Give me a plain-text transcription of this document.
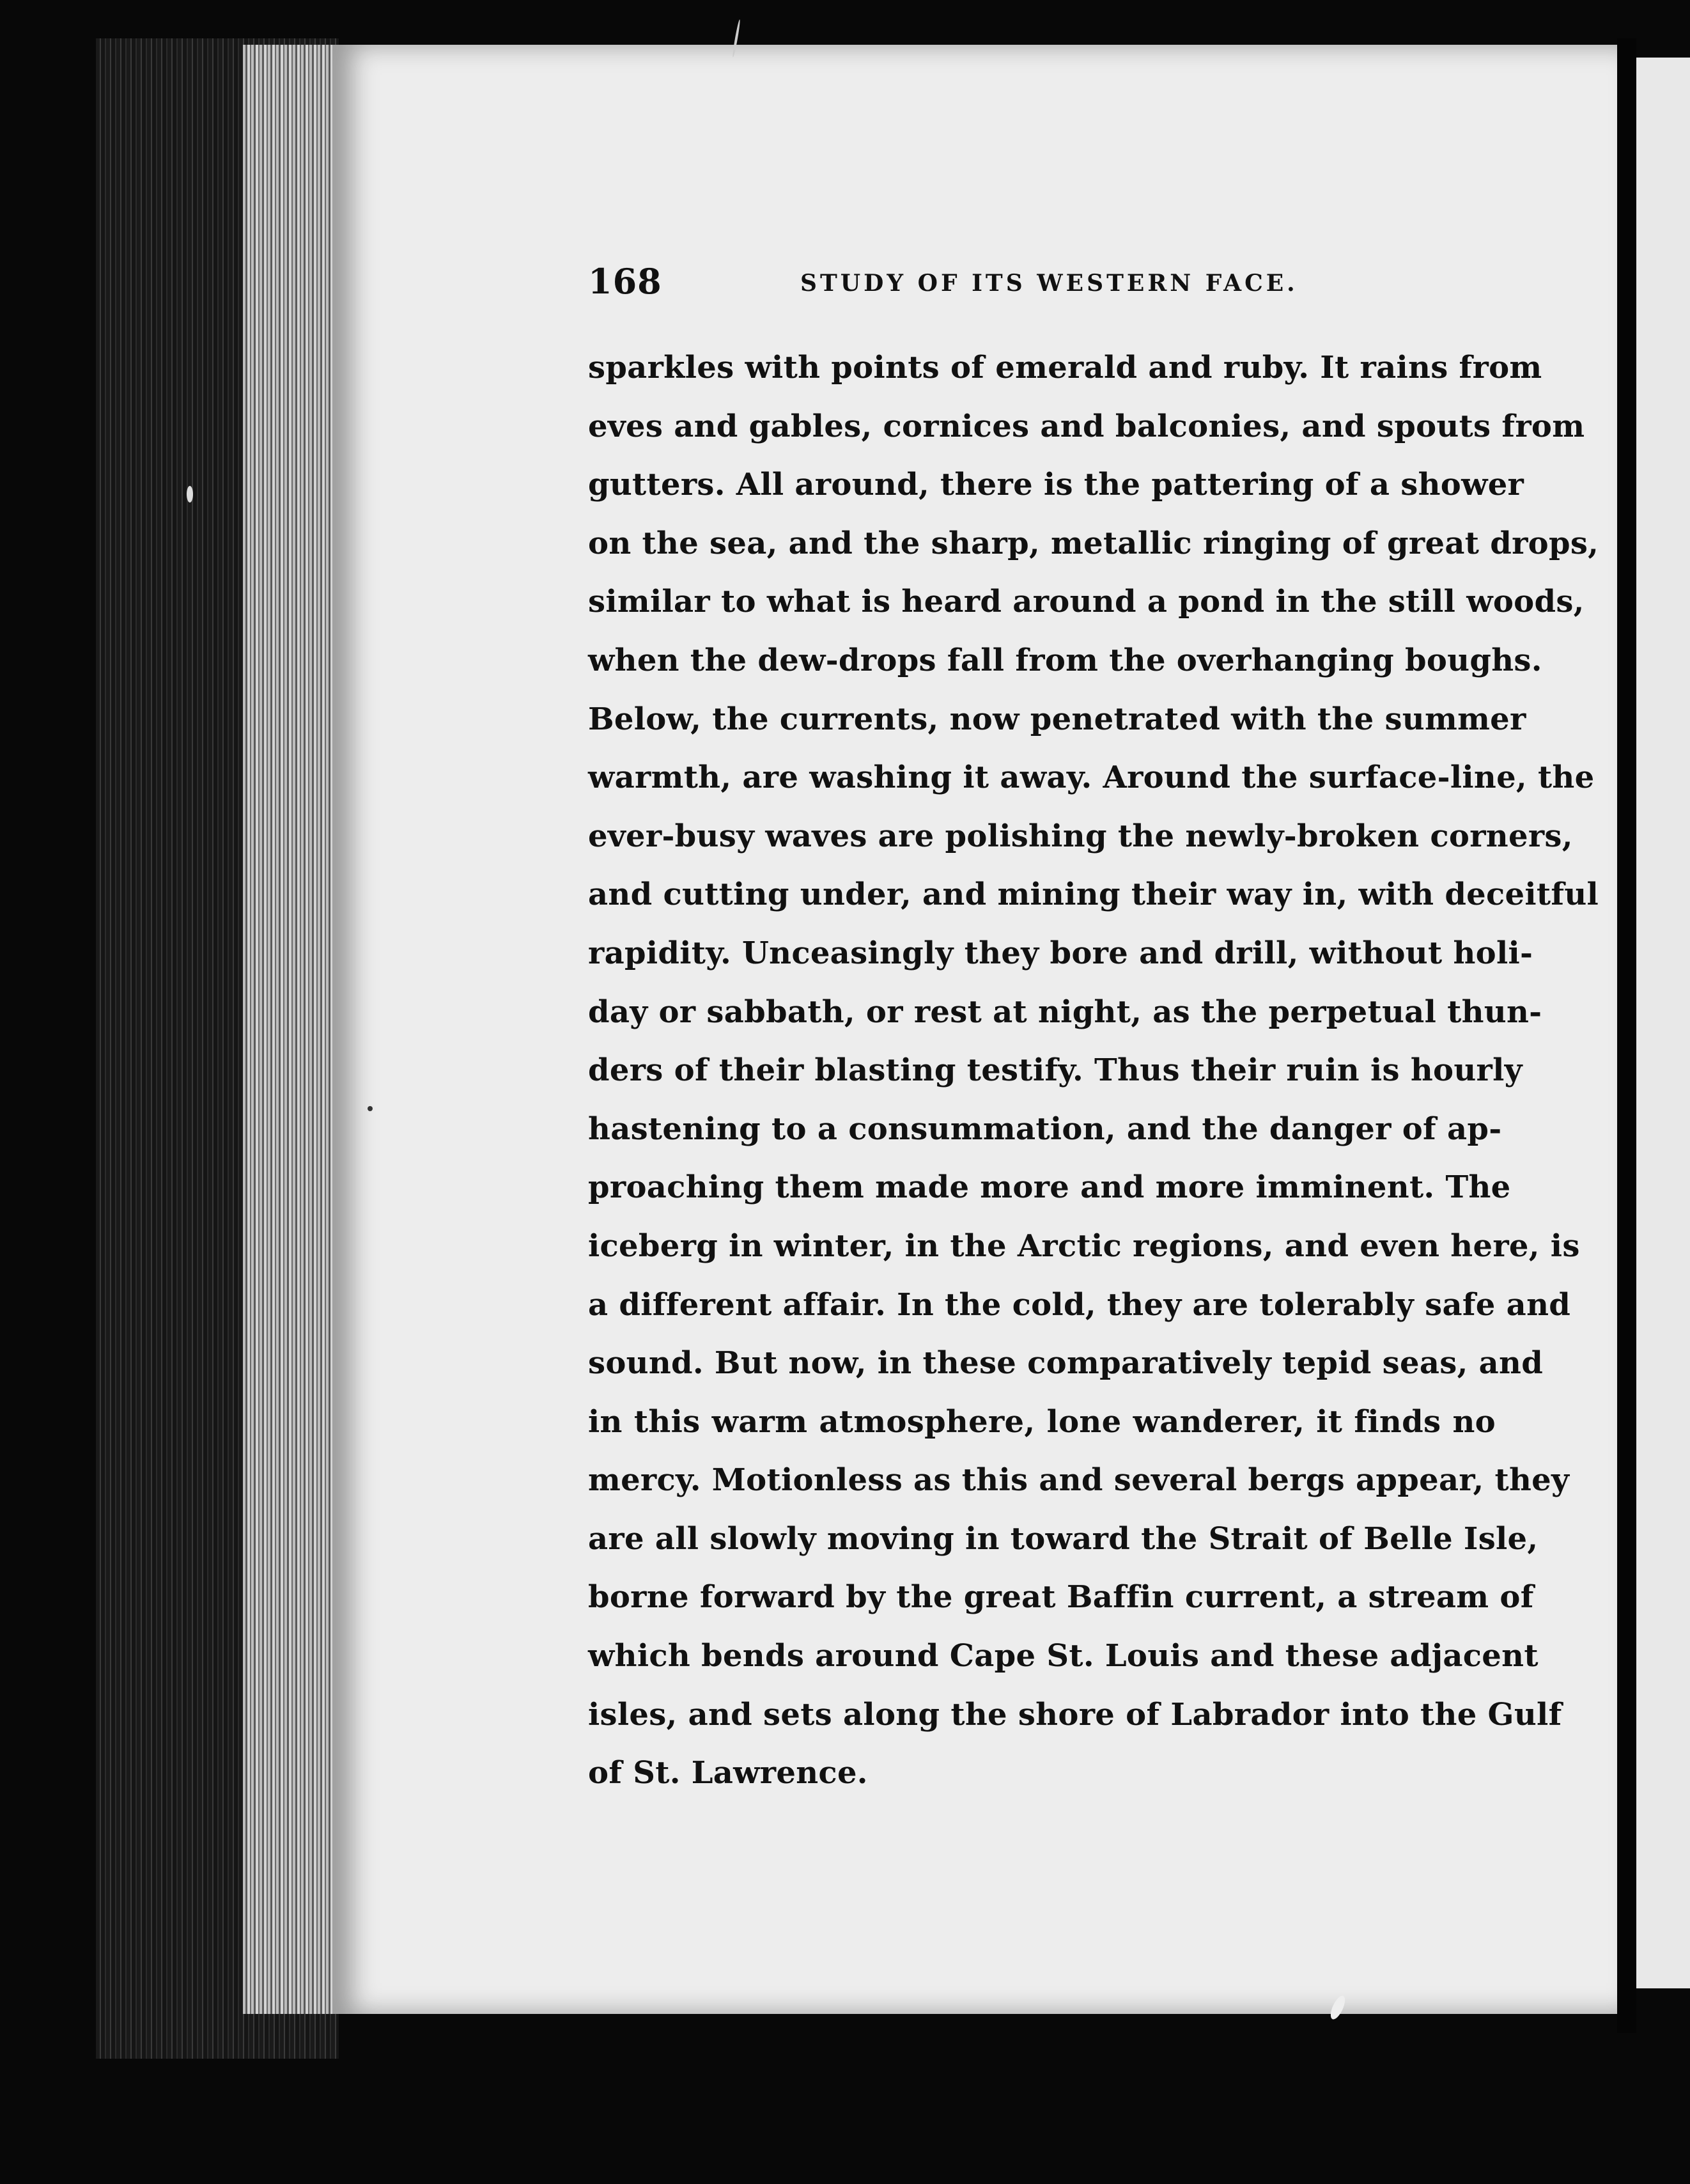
168	STUDY OF ITS WESTERN FACE.
sparkles with points of emerald and ruby. It rains from
eves and gables, cornices and balconies, and spouts from
gutters. All around, there is the pattering of a shower
on the sea, and the sharp, metallic ringing of great drops,
similar to what is heard around a pond in the still woods,
when the dew-drops fall from the overhanging boughs.
Below, the currents, now penetrated with the summer
warmth, are washing it away. Around the surface-line, the
ever-busy waves are polishing the newly-broken corners,
and cutting under, and mining their way in, with deceitful
rapidity. Unceasingly they bore and drill, without holi-
day or sabbath, or rest at night, as the perpetual thun-
ders of their blasting testify. Thus their ruin is hourly
hastening to a consummation, and the danger of ap-
proaching them made more and more imminent. The
iceberg in winter, in the Arctic regions, and even here, is
a different affair. In the cold, they are tolerably safe and
sound. But now, in these comparatively tepid seas, and
in this warm atmosphere, lone wanderer, it finds no
mercy. Motionless as this and several bergs appear, they
are all slowly moving in toward the Strait of Belle Isle,
borne forward by the great Baffin current, a stream of
which bends around Cape St. Louis and these adjacent
isles, and sets along the shore of Labrador into the Gulf
of St. Lawrence.
